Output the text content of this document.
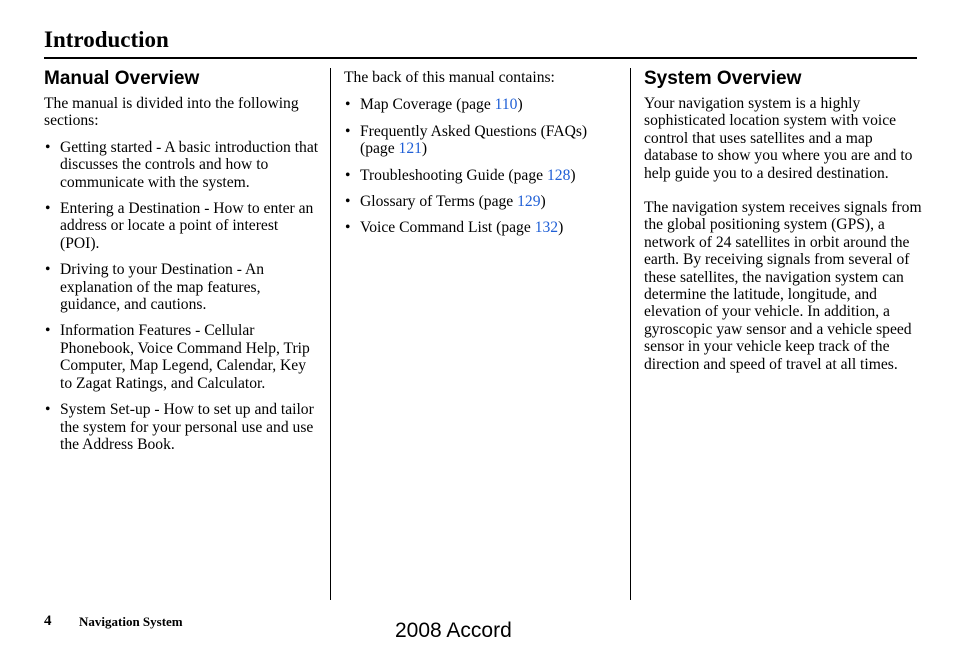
Introduction
Manual Overview

The manual is divided into the following sections:

• Getting started - A basic introduction that discusses the controls and how to communicate with the system.
• Entering a Destination - How to enter an address or locate a point of interest (POI).
• Driving to your Destination - An explanation of the map features, guidance, and cautions.
• Information Features - Cellular Phonebook, Voice Command Help, Trip Computer, Map Legend, Calendar, Key to Zagat Ratings, and Calculator.
• System Set-up - How to set up and tailor the system for your personal use and use the Address Book.

The back of this manual contains:

• Map Coverage (page 110)
• Frequently Asked Questions (FAQs) (page 121)
• Troubleshooting Guide (page 128)
• Glossary of Terms (page 129)
• Voice Command List (page 132)
System Overview

Your navigation system is a highly sophisticated location system with voice control that uses satellites and a map database to show you where you are and to help guide you to a desired destination.

The navigation system receives signals from the global positioning system (GPS), a network of 24 satellites in orbit around the earth. By receiving signals from several of these satellites, the navigation system can determine the latitude, longitude, and elevation of your vehicle. In addition, a gyroscopic yaw sensor and a vehicle speed sensor in your vehicle keep track of the direction and speed of travel at all times.

4 Navigation System	2008 Accord
